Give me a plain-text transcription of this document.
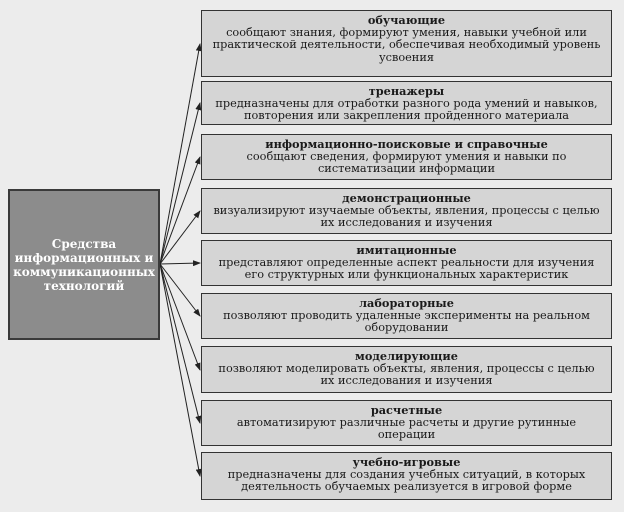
Средства информационных и коммуникационных технологий
обучающие
сообщают знания, формируют умения, навыки учебной или практической деятельности, обеспечивая необходимый уровень усвоения
тренажеры
предназначены для отработки разного рода умений и навыков, повторения или закрепления пройденного материала
информационно-поисковые и справочные
сообщают сведения, формируют умения и навыки по систематизации информации
демонстрационные
визуализируют изучаемые объекты, явления, процессы с целью их исследования и изучения
имитационные
представляют определенные аспект реальности для изучения его структурных или функциональных характеристик
лабораторные
позволяют проводить удаленные эксперименты на реальном оборудовании
моделирующие
позволяют моделировать объекты, явления, процессы с целью их исследования и изучения
расчетные
автоматизируют различные расчеты и другие рутинные операции
учебно-игровые
предназначены для создания учебных ситуаций, в которых деятельность обучаемых реализуется в игровой форме
